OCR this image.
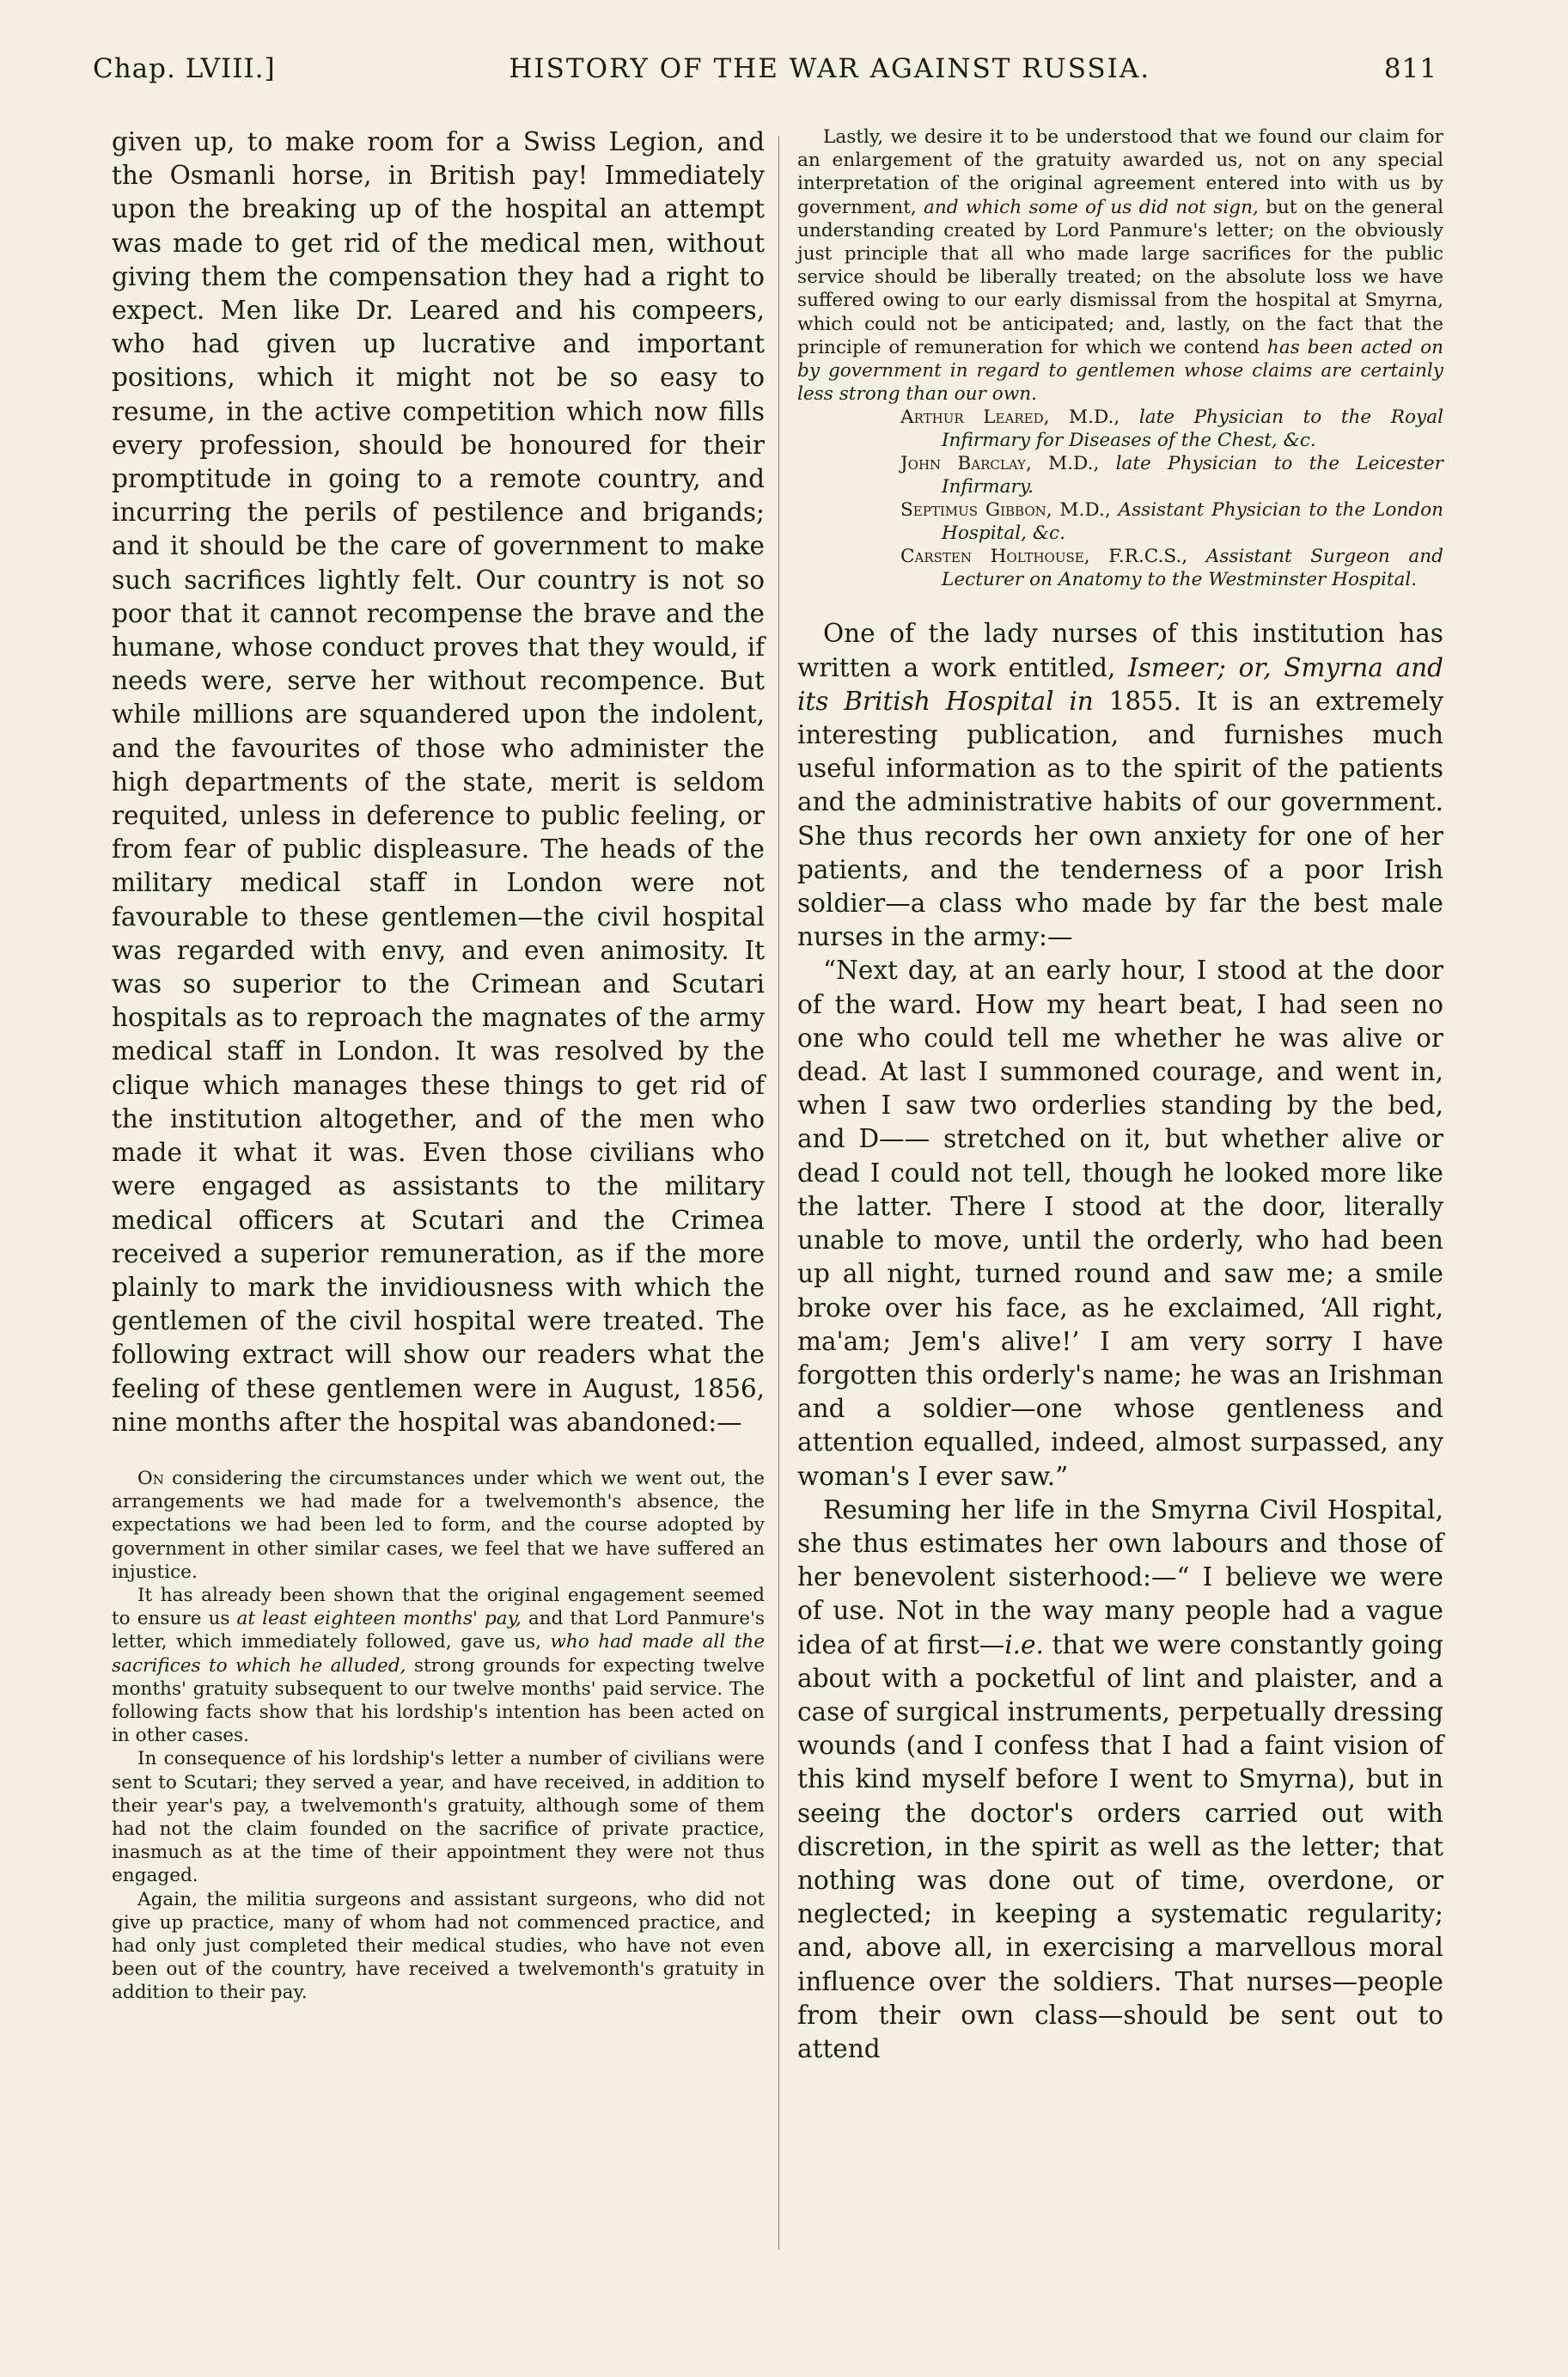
Chap. LVIII.]	HISTORY OF THE WAR AGAINST RUSSIA.	811

given up, to make room for a Swiss Legion, and the Osmanli horse, in British pay! Immediately upon the breaking up of the hospital an attempt was made to get rid of the medical men, without giving them the compensation they had a right to expect. Men like Dr. Leared and his compeers, who had given up lucrative and important positions, which it might not be so easy to resume, in the active competition which now fills every profession, should be honoured for their promptitude in going to a remote country, and incurring the perils of pestilence and brigands; and it should be the care of government to make such sacrifices lightly felt. Our country is not so poor that it cannot recompense the brave and the humane, whose conduct proves that they would, if needs were, serve her without recompence. But while millions are squandered upon the indolent, and the favourites of those who administer the high departments of the state, merit is seldom requited, unless in deference to public feeling, or from fear of public displeasure. The heads of the military medical staff in London were not favourable to these gentlemen—the civil hospital was regarded with envy, and even animosity. It was so superior to the Crimean and Scutari hospitals as to reproach the magnates of the army medical staff in London. It was resolved by the clique which manages these things to get rid of the institution altogether, and of the men who made it what it was. Even those civilians who were engaged as assistants to the military medical officers at Scutari and the Crimea received a superior remuneration, as if the more plainly to mark the invidiousness with which the gentlemen of the civil hospital were treated. The following extract will show our readers what the feeling of these gentlemen were in August, 1856, nine months after the hospital was abandoned:—

On considering the circumstances under which we went out, the arrangements we had made for a twelvemonth's absence, the expectations we had been led to form, and the course adopted by government in other similar cases, we feel that we have suffered an injustice.

It has already been shown that the original engagement seemed to ensure us at least eighteen months' pay, and that Lord Panmure's letter, which immediately followed, gave us, who had made all the sacrifices to which he alluded, strong grounds for expecting twelve months' gratuity subsequent to our twelve months' paid service. The following facts show that his lordship's intention has been acted on in other cases.

In consequence of his lordship's letter a number of civilians were sent to Scutari; they served a year, and have received, in addition to their year's pay, a twelvemonth's gratuity, although some of them had not the claim founded on the sacrifice of private practice, inasmuch as at the time of their appointment they were not thus engaged.

Again, the militia surgeons and assistant surgeons, who did not give up practice, many of whom had not commenced practice, and had only just completed their medical studies, who have not even been out of the country, have received a twelvemonth's gratuity in addition to their pay.

Lastly, we desire it to be understood that we found our claim for an enlargement of the gratuity awarded us, not on any special interpretation of the original agreement entered into with us by government, and which some of us did not sign, but on the general understanding created by Lord Panmure's letter; on the obviously just principle that all who made large sacrifices for the public service should be liberally treated; on the absolute loss we have suffered owing to our early dismissal from the hospital at Smyrna, which could not be anticipated; and, lastly, on the fact that the principle of remuneration for which we contend has been acted on by government in regard to gentlemen whose claims are certainly less strong than our own.

Arthur Leared, M.D., late Physician to the Royal Infirmary for Diseases of the Chest, &c.
John Barclay, M.D., late Physician to the Leicester Infirmary.
Septimus Gibbon, M.D., Assistant Physician to the London Hospital, &c.
Carsten Holthouse, F.R.C.S., Assistant Surgeon and Lecturer on Anatomy to the Westminster Hospital.

One of the lady nurses of this institution has written a work entitled, Ismeer; or, Smyrna and its British Hospital in 1855. It is an extremely interesting publication, and furnishes much useful information as to the spirit of the patients and the administrative habits of our government. She thus records her own anxiety for one of her patients, and the tenderness of a poor Irish soldier—a class who made by far the best male nurses in the army:—

“Next day, at an early hour, I stood at the door of the ward. How my heart beat, I had seen no one who could tell me whether he was alive or dead. At last I summoned courage, and went in, when I saw two orderlies standing by the bed, and D—— stretched on it, but whether alive or dead I could not tell, though he looked more like the latter. There I stood at the door, literally unable to move, until the orderly, who had been up all night, turned round and saw me; a smile broke over his face, as he exclaimed, ‘All right, ma'am; Jem's alive!’ I am very sorry I have forgotten this orderly's name; he was an Irishman and a soldier—one whose gentleness and attention equalled, indeed, almost surpassed, any woman's I ever saw.”

Resuming her life in the Smyrna Civil Hospital, she thus estimates her own labours and those of her benevolent sisterhood:—“ I believe we were of use. Not in the way many people had a vague idea of at first—i.e. that we were constantly going about with a pocketful of lint and plaister, and a case of surgical instruments, perpetually dressing wounds (and I confess that I had a faint vision of this kind myself before I went to Smyrna), but in seeing the doctor's orders carried out with discretion, in the spirit as well as the letter; that nothing was done out of time, overdone, or neglected; in keeping a systematic regularity; and, above all, in exercising a marvellous moral influence over the soldiers. That nurses—people from their own class—should be sent out to attend
